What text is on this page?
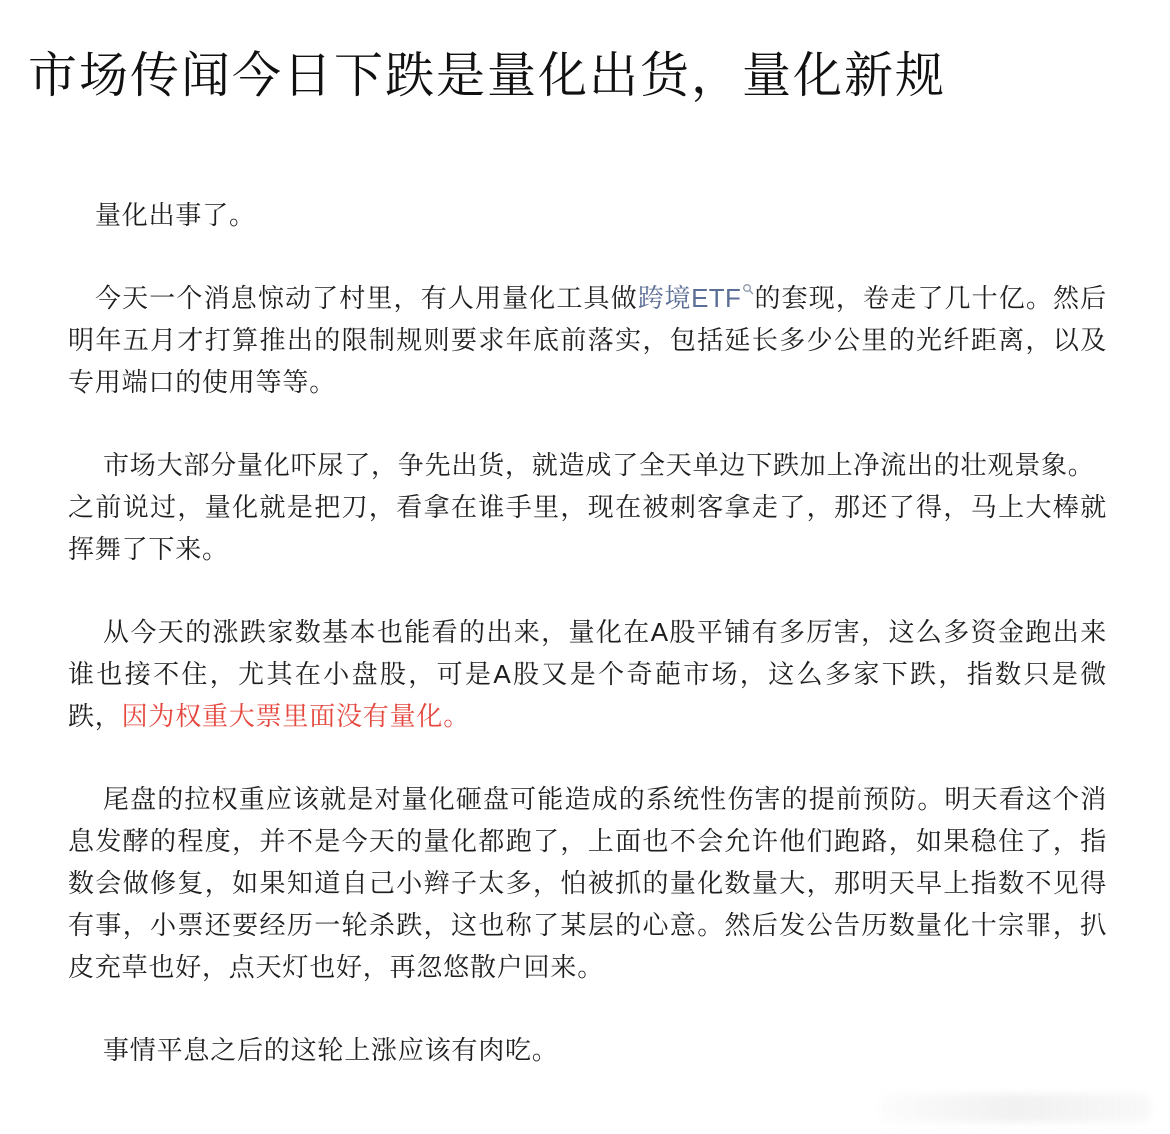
市场传闻今日下跌是量化出货，量化新规
量化出事了。
今天一个消息惊动了村里，有人用量化工具做跨境ETF 的套现，卷走了几十亿。然后
明年五月才打算推出的限制规则要求年底前落实，包括延长多少公里的光纤距离，以及
专用端口的使用等等。
市场大部分量化吓尿了，争先出货，就造成了全天单边下跌加上净流出的壮观景象。
之前说过，量化就是把刀，看拿在谁手里，现在被刺客拿走了，那还了得，马上大棒就
挥舞了下来。
从今天的涨跌家数基本也能看的出来，量化在A股平铺有多厉害，这么多资金跑出来
谁也接不住，尤其在小盘股，可是A股又是个奇葩市场，这么多家下跌，指数只是微
跌，因为权重大票里面没有量化。
尾盘的拉权重应该就是对量化砸盘可能造成的系统性伤害的提前预防。明天看这个消
息发酵的程度，并不是今天的量化都跑了，上面也不会允许他们跑路，如果稳住了，指
数会做修复，如果知道自己小辫子太多，怕被抓的量化数量大，那明天早上指数不见得
有事，小票还要经历一轮杀跌，这也称了某层的心意。然后发公告历数量化十宗罪，扒
皮充草也好，点天灯也好，再忽悠散户回来。
事情平息之后的这轮上涨应该有肉吃。
